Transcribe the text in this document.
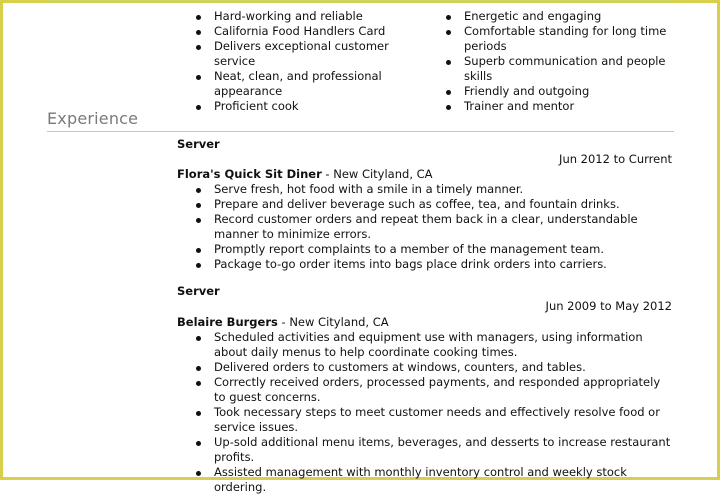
Hard-working and reliable
California Food Handlers Card
Delivers exceptional customer service
Neat, clean, and professional appearance
Proficient cook
Energetic and engaging
Comfortable standing for long time periods
Superb communication and people skills
Friendly and outgoing
Trainer and mentor
Experience
Server
Jun 2012 to Current
Flora's Quick Sit Diner - New Cityland, CA
Serve fresh, hot food with a smile in a timely manner.
Prepare and deliver beverage such as coffee, tea, and fountain drinks.
Record customer orders and repeat them back in a clear, understandable manner to minimize errors.
Promptly report complaints to a member of the management team.
Package to-go order items into bags place drink orders into carriers.
Server
Jun 2009 to May 2012
Belaire Burgers - New Cityland, CA
Scheduled activities and equipment use with managers, using information about daily menus to help coordinate cooking times.
Delivered orders to customers at windows, counters, and tables.
Correctly received orders, processed payments, and responded appropriately to guest concerns.
Took necessary steps to meet customer needs and effectively resolve food or service issues.
Up-sold additional menu items, beverages, and desserts to increase restaurant profits.
Assisted management with monthly inventory control and weekly stock ordering.
